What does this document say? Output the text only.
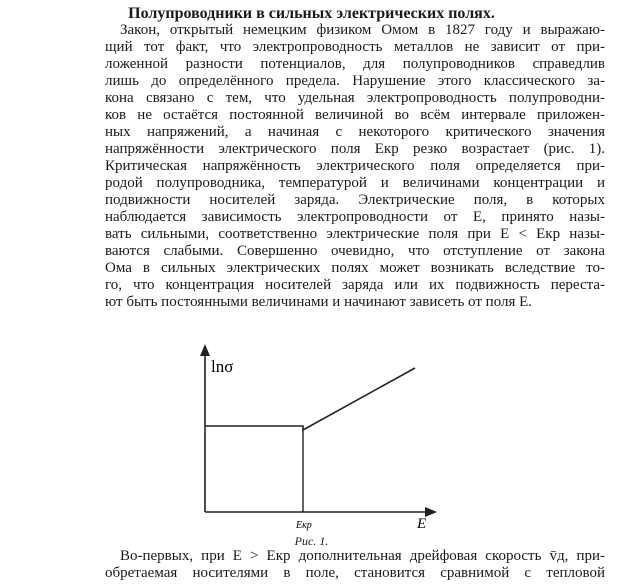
Полупроводники в сильных электрических полях.
Закон, открытый немецким физиком Омом в 1827 году и выражаю-
щий тот факт, что электропроводность металлов не зависит от при-
ложенной разности потенциалов, для полупроводников справедлив
лишь до определённого предела. Нарушение этого классического за-
кона связано с тем, что удельная электропроводность полупроводни-
ков не остаётся постоянной величиной во всём интервале приложен-
ных напряжений, а начиная с некоторого критического значения
напряжённости электрического поля Eкр резко возрастает (рис. 1).
Критическая напряжённость электрического поля определяется при-
родой полупроводника, температурой и величинами концентрации и
подвижности носителей заряда. Электрические поля, в которых
наблюдается зависимость электропроводности от E, принято назы-
вать сильными, соответственно электрические поля при E < Eкр назы-
ваются слабыми. Совершенно очевидно, что отступление от закона
Ома в сильных электрических полях может возникать вследствие то-
го, что концентрация носителей заряда или их подвижность переста-
ют быть постоянными величинами и начинают зависеть от поля E.
lnσ
E
Eкр
Рис. 1.
Во-первых, при E > Eкр дополнительная дрейфовая скорость v̄д, при-
обретаемая носителями в поле, становится сравнимой с тепловой
